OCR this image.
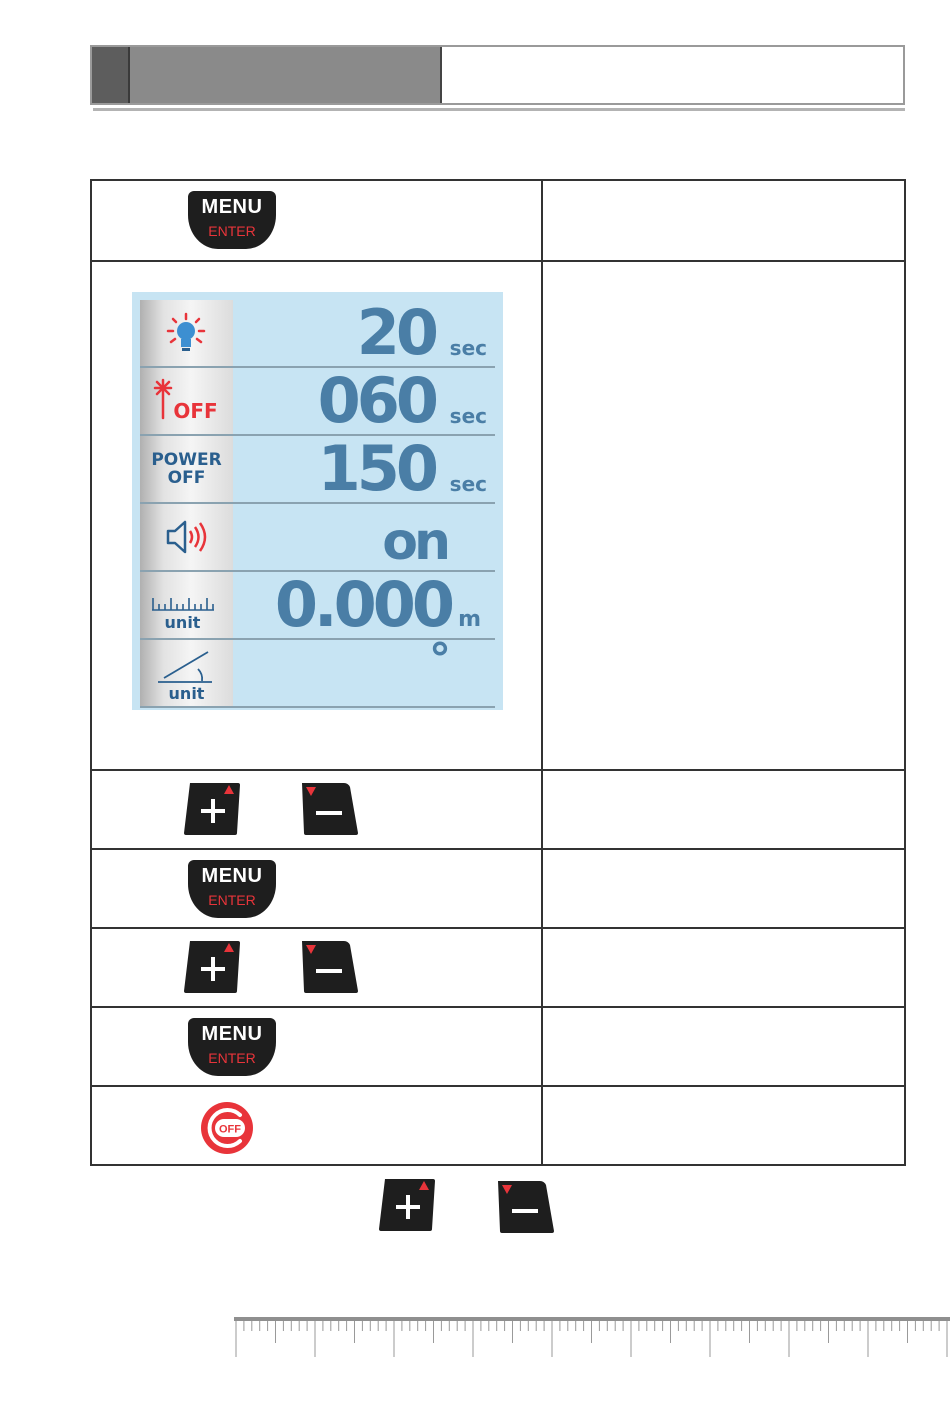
MENU
ENTER
20 sec
OFF 060 sec
POWER
OFF	150 sec
on
unit	0.000 m
unit
°
MENU
ENTER
MENU
ENTER
OFF
